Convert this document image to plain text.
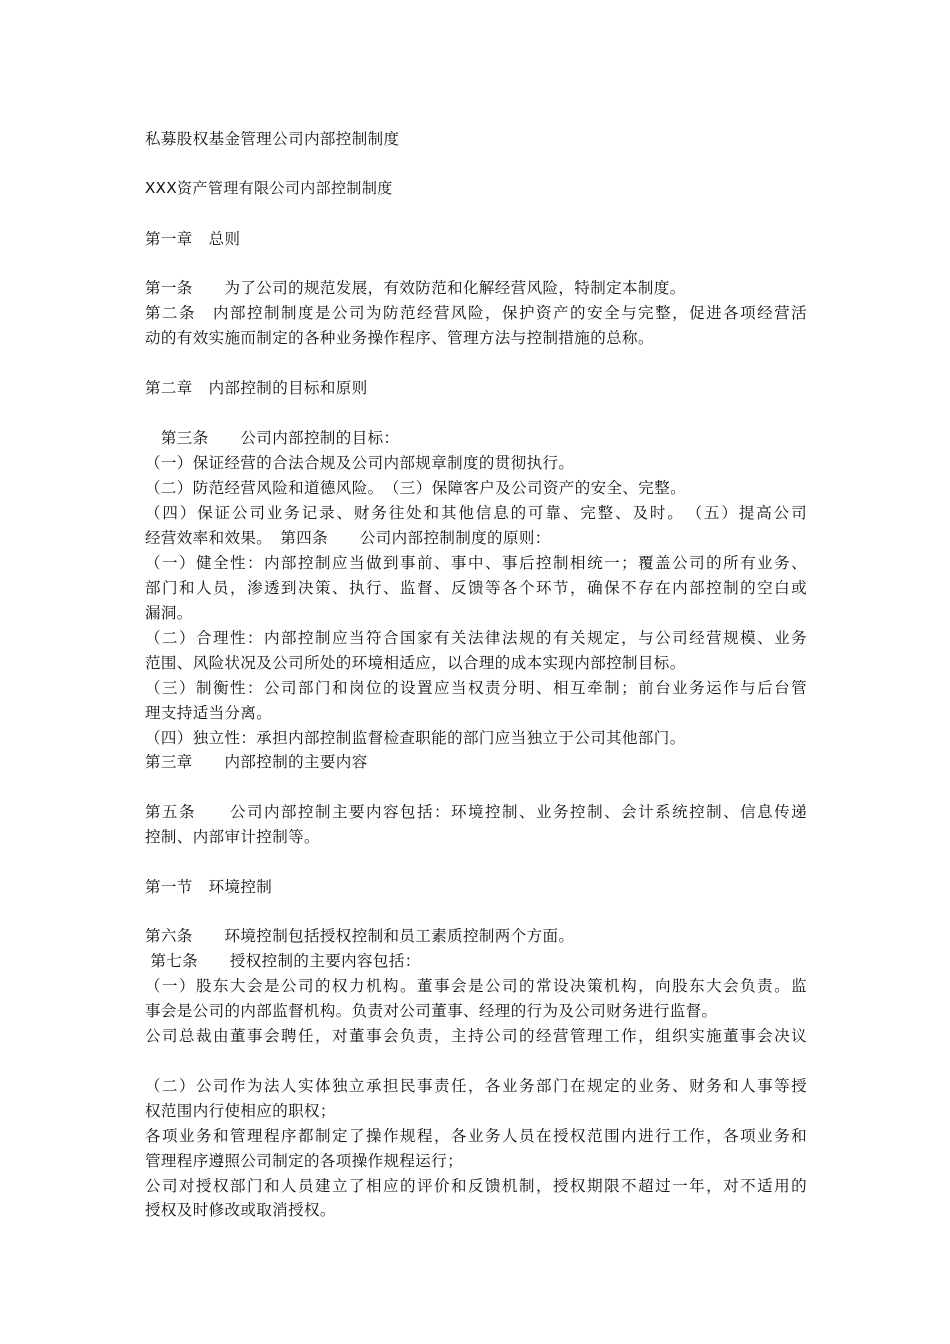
私募股权基金管理公司内部控制制度
XXX资产管理有限公司内部控制制度
第一章　总则
第一条　　为了公司的规范发展，有效防范和化解经营风险，特制定本制度。
第二条　内部控制制度是公司为防范经营风险，保护资产的安全与完整，促进各项经营活
动的有效实施而制定的各种业务操作程序、管理方法与控制措施的总称。
第二章　内部控制的目标和原则
　第三条　　公司内部控制的目标：
（一）保证经营的合法合规及公司内部规章制度的贯彻执行。
（二）防范经营风险和道德风险。　（三）保障客户及公司资产的安全、完整。
（四）保证公司业务记录、财务往处和其他信息的可靠、完整、及时。　（五）提高公司
经营效率和效果。　第四条　　公司内部控制制度的原则：
（一）健全性：内部控制应当做到事前、事中、事后控制相统一；覆盖公司的所有业务、
部门和人员，渗透到决策、执行、监督、反馈等各个环节，确保不存在内部控制的空白或
漏洞。
（二）合理性：内部控制应当符合国家有关法律法规的有关规定，与公司经营规模、业务
范围、风险状况及公司所处的环境相适应，以合理的成本实现内部控制目标。
（三）制衡性：公司部门和岗位的设置应当权责分明、相互牵制；前台业务运作与后台管
理支持适当分离。
（四）独立性：承担内部控制监督检查职能的部门应当独立于公司其他部门。
第三章　　内部控制的主要内容
第五条　　公司内部控制主要内容包括：环境控制、业务控制、会计系统控制、信息传递
控制、内部审计控制等。
第一节　环境控制
第六条　　环境控制包括授权控制和员工素质控制两个方面。
第七条　　授权控制的主要内容包括：
（一）股东大会是公司的权力机构。董事会是公司的常设决策机构，向股东大会负责。监
事会是公司的内部监督机构。负责对公司董事、经理的行为及公司财务进行监督。
公司总裁由董事会聘任，对董事会负责，主持公司的经营管理工作，组织实施董事会决议
（二）公司作为法人实体独立承担民事责任，各业务部门在规定的业务、财务和人事等授
权范围内行使相应的职权；
各项业务和管理程序都制定了操作规程，各业务人员在授权范围内进行工作，各项业务和
管理程序遵照公司制定的各项操作规程运行；
公司对授权部门和人员建立了相应的评价和反馈机制，授权期限不超过一年，对不适用的
授权及时修改或取消授权。
